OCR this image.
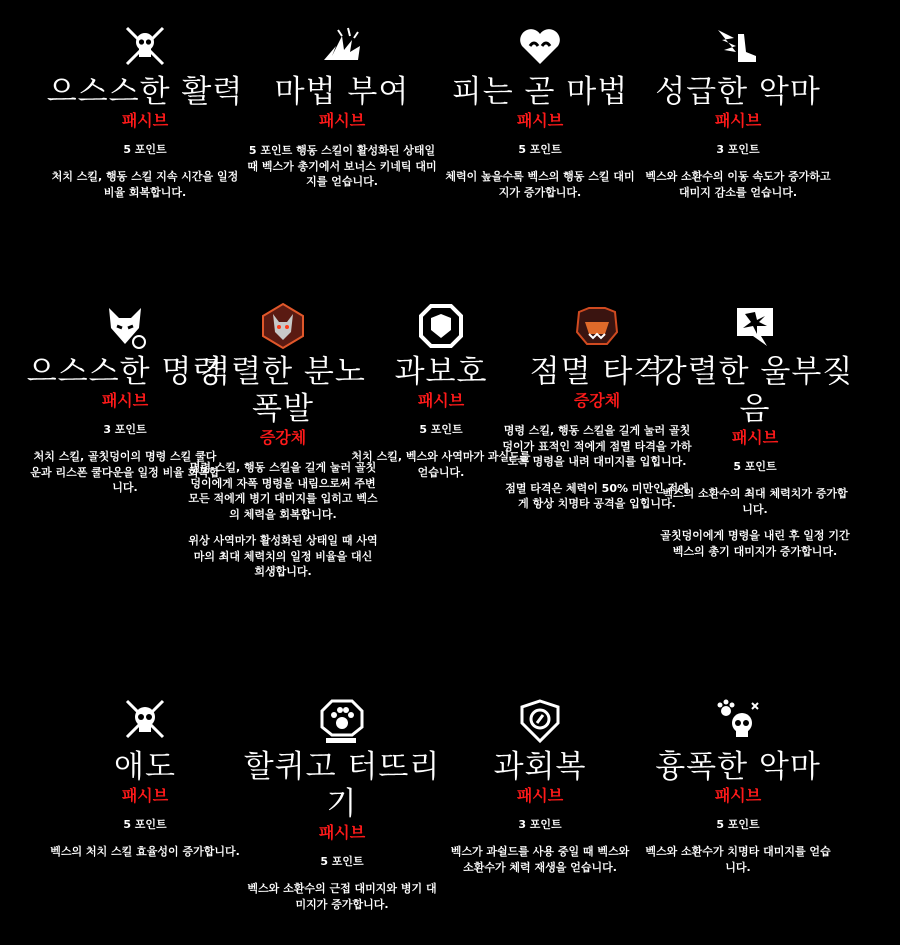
으스스한 활력
패시브
5 포인트

처치 스킬, 행동 스킬 지속 시간을 일정 비율 회복합니다.

마법 부여
패시브

5 포인트 행동 스킬이 활성화된 상태일 때 벡스가 총기에서 보너스 키네틱 대미지를 얻습니다.

피는 곧 마법
패시브
5 포인트

체력이 높을수록 벡스의 행동 스킬 대미지가 증가합니다.

성급한 악마
패시브
3 포인트

벡스와 소환수의 이동 속도가 증가하고 대미지 감소를 얻습니다.

으스스한 명령
패시브
3 포인트

처치 스킬, 골칫덩이의 명령 스킬 쿨다운과 리스폰 쿨다운을 일정 비율 회복합니다.

격렬한 분노 폭발
증강체

명령 스킬, 행동 스킬을 길게 눌러 골칫덩이에게 자폭 명령을 내림으로써 주변 모든 적에게 병기 대미지를 입히고 벡스의 체력을 회복합니다.

위상 사역마가 활성화된 상태일 때 사역마의 최대 체력치의 일정 비율을 대신 희생합니다.

과보호
패시브
5 포인트

처치 스킬, 벡스와 사역마가 과실드를 얻습니다.

점멸 타격
증강체

명령 스킬, 행동 스킬을 길게 눌러 골칫덩이가 표적인 적에게 점멸 타격을 가하도록 명령을 내려 대미지를 입힙니다.

점멸 타격은 체력이 50% 미만인 적에게 항상 치명타 공격을 입힙니다.

강렬한 울부짖음
패시브
5 포인트

벡스의 소환수의 최대 체력치가 증가합니다.

골칫덩이에게 명령을 내린 후 일정 기간 벡스의 총기 대미지가 증가합니다.

애도
패시브
5 포인트

벡스의 처치 스킬 효율성이 증가합니다.

할퀴고 터뜨리기
패시브
5 포인트

벡스와 소환수의 근접 대미지와 병기 대미지가 증가합니다.

과회복
패시브
3 포인트

벡스가 과쉴드를 사용 중일 때 벡스와 소환수가 체력 재생을 얻습니다.

흉폭한 악마
패시브
5 포인트

벡스와 소환수가 치명타 대미지를 얻습니다.
